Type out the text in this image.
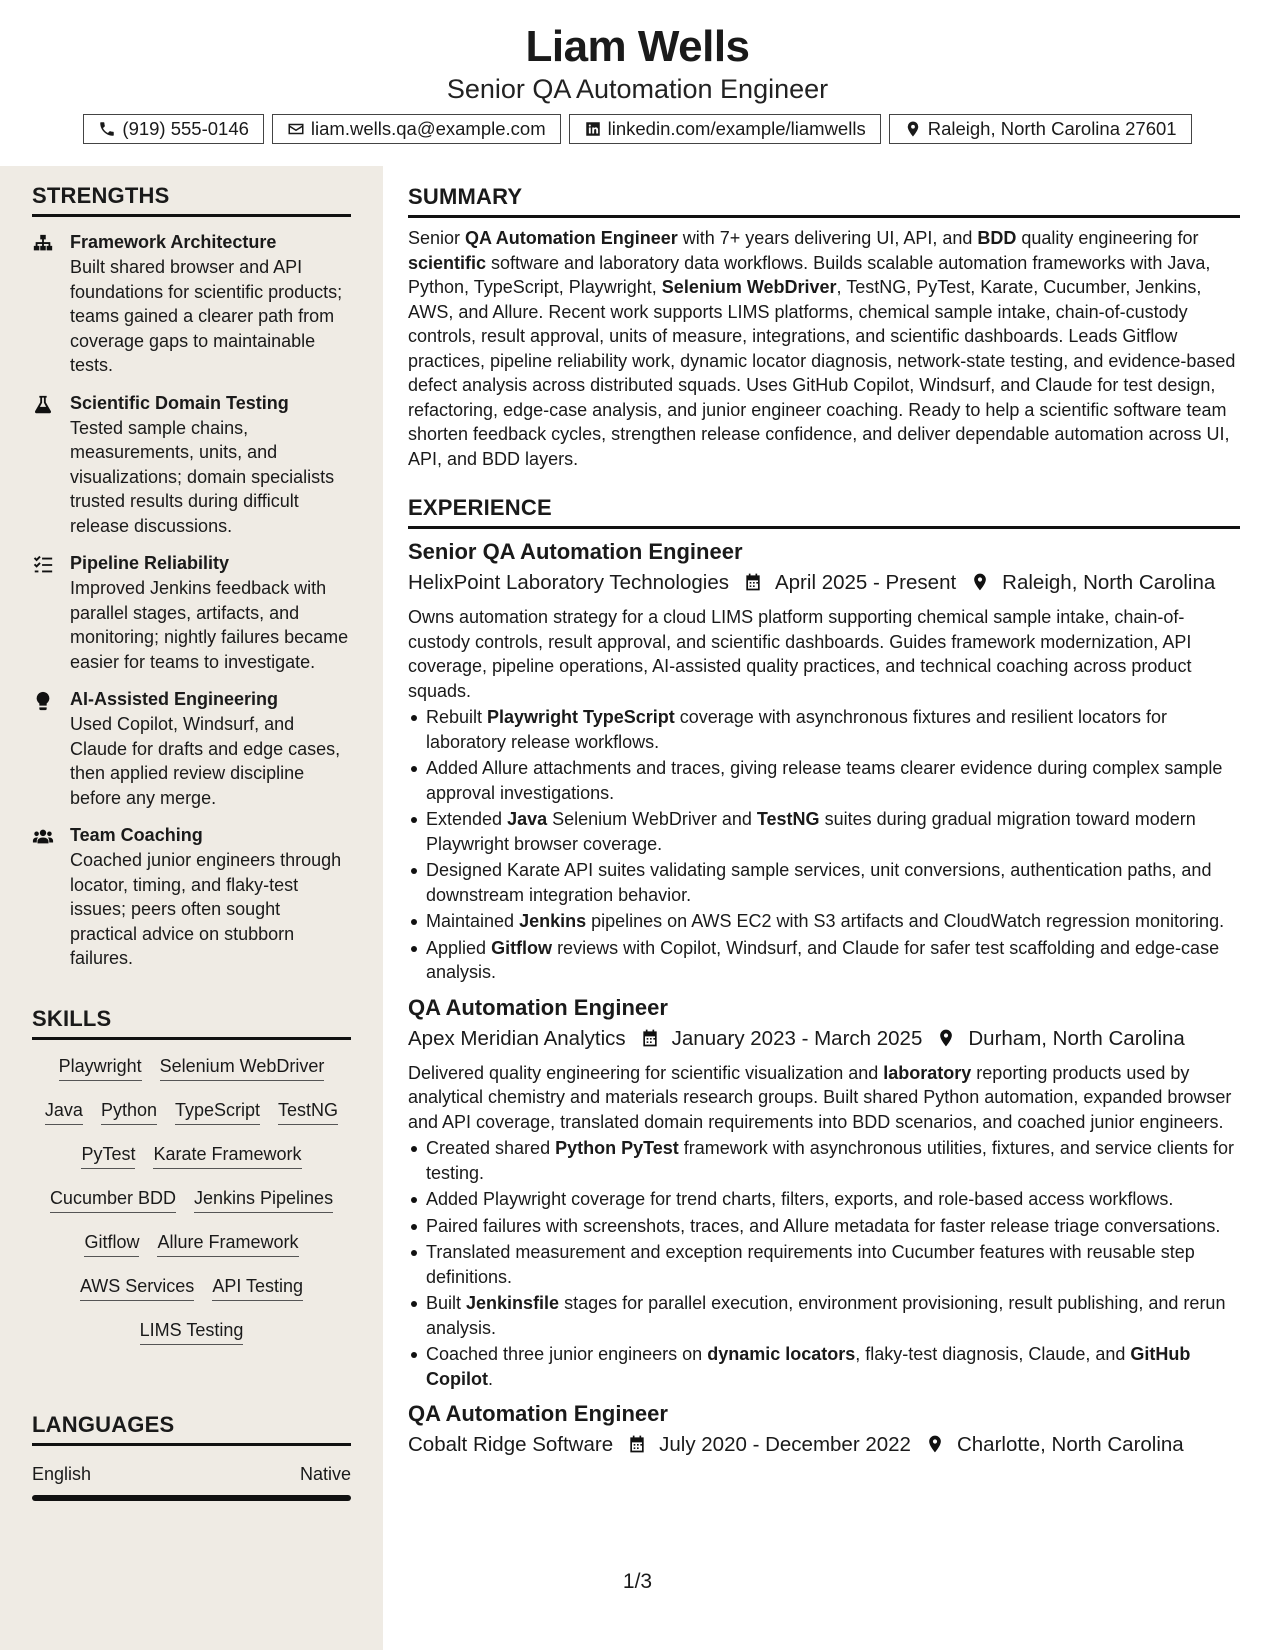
Liam Wells
Senior QA Automation Engineer
(919) 555-0146	liam.wells.qa@example.com	linkedin.com/example/liamwells	Raleigh, North Carolina 27601
STRENGTHS
Framework Architecture
Built shared browser and API foundations for scientific products; teams gained a clearer path from coverage gaps to maintainable tests.
Scientific Domain Testing
Tested sample chains, measurements, units, and visualizations; domain specialists trusted results during difficult release discussions.
Pipeline Reliability
Improved Jenkins feedback with parallel stages, artifacts, and monitoring; nightly failures became easier for teams to investigate.
AI-Assisted Engineering
Used Copilot, Windsurf, and Claude for drafts and edge cases, then applied review discipline before any merge.
Team Coaching
Coached junior engineers through locator, timing, and flaky-test issues; peers often sought practical advice on stubborn failures.
SKILLS
Playwright Selenium WebDriver
Java Python TypeScript TestNG
PyTest Karate Framework
Cucumber BDD Jenkins Pipelines
Gitflow Allure Framework
AWS Services API Testing
LIMS Testing
LANGUAGES
English	Native
SUMMARY
Senior QA Automation Engineer with 7+ years delivering UI, API, and BDD quality engineering for scientific software and laboratory data workflows. Builds scalable automation frameworks with Java, Python, TypeScript, Playwright, Selenium WebDriver, TestNG, PyTest, Karate, Cucumber, Jenkins, AWS, and Allure. Recent work supports LIMS platforms, chemical sample intake, chain-of-custody controls, result approval, units of measure, integrations, and scientific dashboards. Leads Gitflow practices, pipeline reliability work, dynamic locator diagnosis, network-state testing, and evidence-based defect analysis across distributed squads. Uses GitHub Copilot, Windsurf, and Claude for test design, refactoring, edge-case analysis, and junior engineer coaching. Ready to help a scientific software team shorten feedback cycles, strengthen release confidence, and deliver dependable automation across UI, API, and BDD layers.
EXPERIENCE
Senior QA Automation Engineer
HelixPoint Laboratory Technologies April 2025 - Present Raleigh, North Carolina
Owns automation strategy for a cloud LIMS platform supporting chemical sample intake, chain-of-custody controls, result approval, and scientific dashboards. Guides framework modernization, API coverage, pipeline operations, AI-assisted quality practices, and technical coaching across product squads.
Rebuilt Playwright TypeScript coverage with asynchronous fixtures and resilient locators for laboratory release workflows.
Added Allure attachments and traces, giving release teams clearer evidence during complex sample approval investigations.
Extended Java Selenium WebDriver and TestNG suites during gradual migration toward modern Playwright browser coverage.
Designed Karate API suites validating sample services, unit conversions, authentication paths, and downstream integration behavior.
Maintained Jenkins pipelines on AWS EC2 with S3 artifacts and CloudWatch regression monitoring.
Applied Gitflow reviews with Copilot, Windsurf, and Claude for safer test scaffolding and edge-case analysis.
QA Automation Engineer
Apex Meridian Analytics January 2023 - March 2025 Durham, North Carolina
Delivered quality engineering for scientific visualization and laboratory reporting products used by analytical chemistry and materials research groups. Built shared Python automation, expanded browser and API coverage, translated domain requirements into BDD scenarios, and coached junior engineers.
Created shared Python PyTest framework with asynchronous utilities, fixtures, and service clients for testing.
Added Playwright coverage for trend charts, filters, exports, and role-based access workflows.
Paired failures with screenshots, traces, and Allure metadata for faster release triage conversations.
Translated measurement and exception requirements into Cucumber features with reusable step definitions.
Built Jenkinsfile stages for parallel execution, environment provisioning, result publishing, and rerun analysis.
Coached three junior engineers on dynamic locators, flaky-test diagnosis, Claude, and GitHub Copilot.
QA Automation Engineer
Cobalt Ridge Software July 2020 - December 2022 Charlotte, North Carolina
1/3
